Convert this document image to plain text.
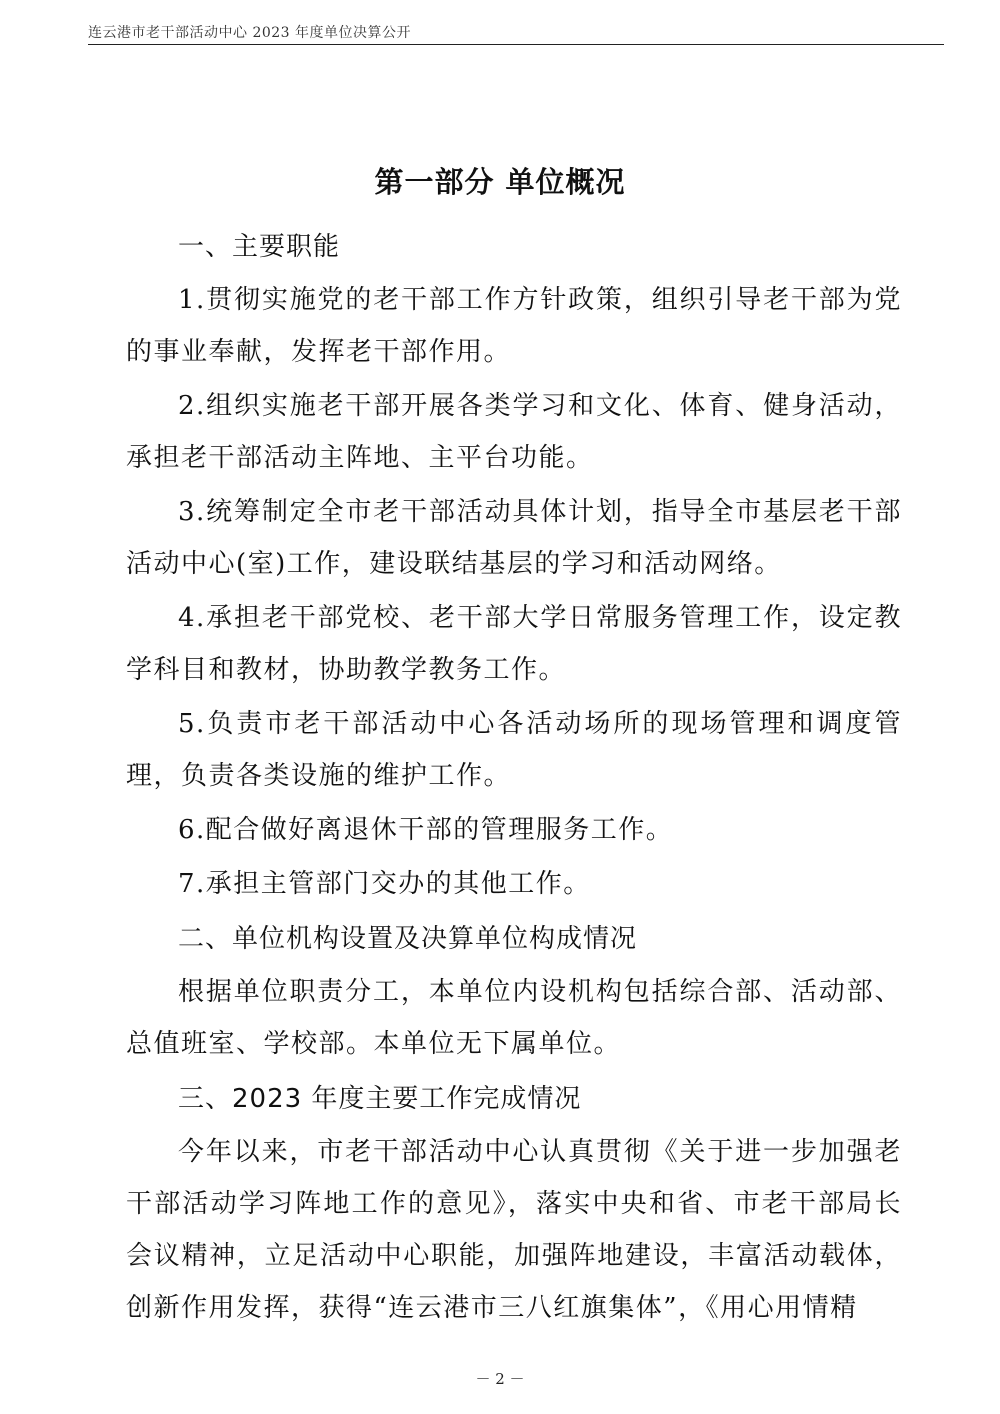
连云港市老干部活动中心 2023 年度单位决算公开
第一部分 单位概况

一、主要职能

1.贯彻实施党的老干部工作方针政策，组织引导老干部为党的事业奉献，发挥老干部作用。

2.组织实施老干部开展各类学习和文化、体育、健身活动，承担老干部活动主阵地、主平台功能。

3.统筹制定全市老干部活动具体计划，指导全市基层老干部活动中心(室)工作，建设联结基层的学习和活动网络。

4.承担老干部党校、老干部大学日常服务管理工作，设定教学科目和教材，协助教学教务工作。

5.负责市老干部活动中心各活动场所的现场管理和调度管理，负责各类设施的维护工作。

6.配合做好离退休干部的管理服务工作。

7.承担主管部门交办的其他工作。

二、单位机构设置及决算单位构成情况

根据单位职责分工，本单位内设机构包括综合部、活动部、总值班室、学校部。本单位无下属单位。

三、2023 年度主要工作完成情况

今年以来，市老干部活动中心认真贯彻《关于进一步加强老干部活动学习阵地工作的意见》，落实中央和省、市老干部局长会议精神，立足活动中心职能，加强阵地建设，丰富活动载体，创新作用发挥，获得“连云港市三八红旗集体”，《用心用情精

－ 2 －
